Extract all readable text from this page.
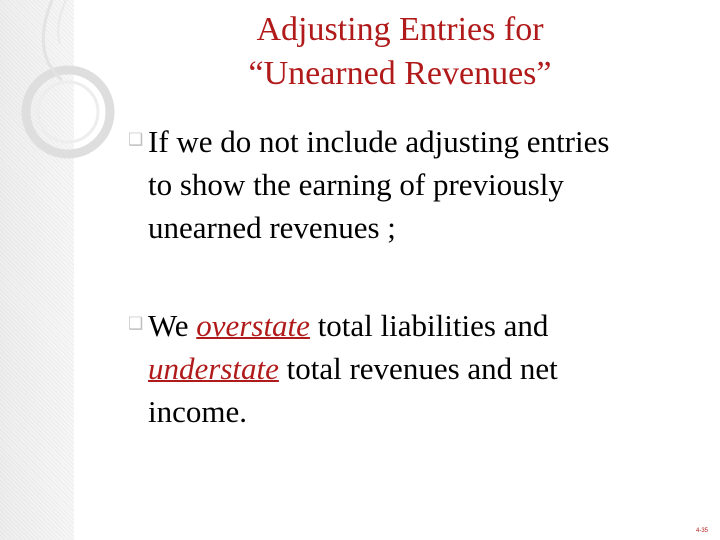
Adjusting Entries for
“Unearned Revenues”
❑ If we do not include adjusting entries
to show the earning of previously
unearned revenues ;
❑ We overstate total liabilities and
understate total revenues and net
income.
4-35
